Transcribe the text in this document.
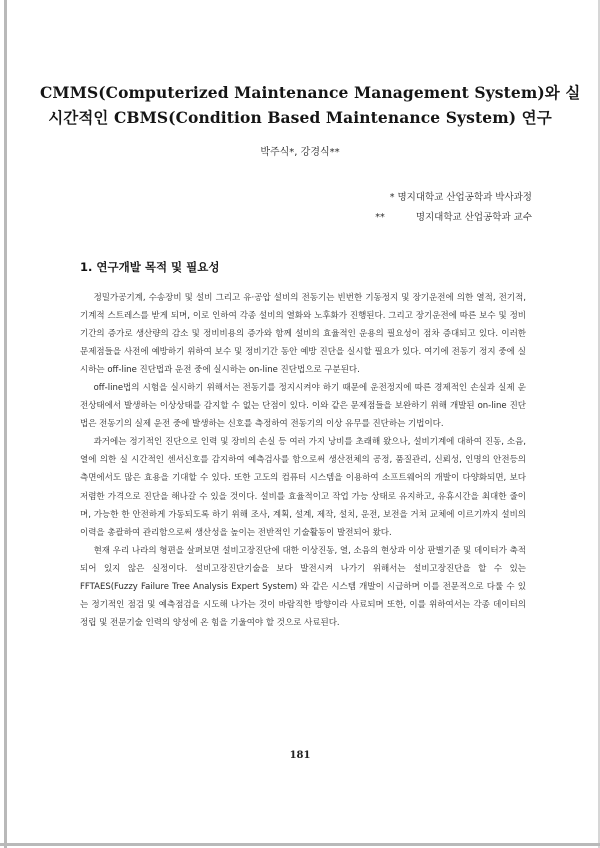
CMMS(Computerized Maintenance Management System)와 실
시간적인 CBMS(Condition Based Maintenance System) 연구
박주식*, 강경식**
* 명지대학교 산업공학과 박사과정
**	명지대학교 산업공학과 교수
1. 연구개발 목적 및 필요성

정밀가공기계, 수송장비 및 설비 그리고 유·공압 설비의 전동기는 빈번한 기동정지 및 장기운전에 의한 열적, 전기적, 기계적 스트레스를 받게 되며, 이로 인하여 각종 설비의 열화와 노후화가 진행된다. 그리고 장기운전에 따른 보수 및 정비 기간의 증가로 생산량의 감소 및 정비비용의 증가와 함께 설비의 효율적인 운용의 필요성이 점차 증대되고 있다. 이러한 문제점들을 사전에 예방하기 위하여 보수 및 정비기간 동안 예방 진단을 실시할 필요가 있다. 여기에 전동기 정지 중에 실시하는 off-line 진단법과 운전 중에 실시하는 on-line 진단법으로 구분된다.

off-line법의 시험을 실시하기 위해서는 전동기를 정지시켜야 하기 때문에 운전정지에 따른 경제적인 손실과 실제 운전상태에서 발생하는 이상상태를 감지할 수 없는 단점이 있다. 이와 같은 문제점들을 보완하기 위해 개발된 on-line 진단법은 전동기의 실제 운전 중에 발생하는 신호를 측정하여 전동기의 이상 유무를 진단하는 기법이다.

과거에는 정기적인 진단으로 인력 및 장비의 손실 등 여러 가지 낭비를 초래해 왔으나, 설비기계에 대하여 진동, 소음, 열에 의한 실 시간적인 센서신호를 감지하여 예측검사를 함으로써 생산전체의 공정, 품질관리, 신뢰성, 인명의 안전등의 측면에서도 많은 효용을 기대할 수 있다. 또한 고도의 컴퓨터 시스템을 이용하여 소프트웨어의 개발이 다양화되면, 보다 저렴한 가격으로 진단을 해나갈 수 있을 것이다. 설비를 효율적이고 작업 가능 상태로 유지하고, 유휴시간을 최대한 줄이며, 가능한 한 안전하게 가동되도록 하기 위해 조사, 계획, 설계, 제작, 설치, 운전, 보전을 거쳐 교체에 이르기까지 설비의 이력을 총괄하여 관리함으로써 생산성을 높이는 전반적인 기술활동이 발전되어 왔다.

현재 우리 나라의 형편을 살펴보면 설비고장진단에 대한 이상진동, 열, 소음의 현상과 이상 판별기준 및 데이터가 축적되어 있지 않은 실정이다. 설비고장진단기술을 보다 발전시켜 나가기 위해서는 설비고장진단을 할 수 있는 FFTAES(Fuzzy Failure Tree Analysis Expert System) 와 같은 시스템 개발이 시급하며 이를 전문적으로 다룰 수 있는 정기적인 점검 및 예측점검을 시도해 나가는 것이 바람직한 방향이라 사료되며 또한, 이를 위하여서는 각종 데이터의 정립 및 전문기술 인력의 양성에 온 힘을 기울여야 할 것으로 사료된다.

181
